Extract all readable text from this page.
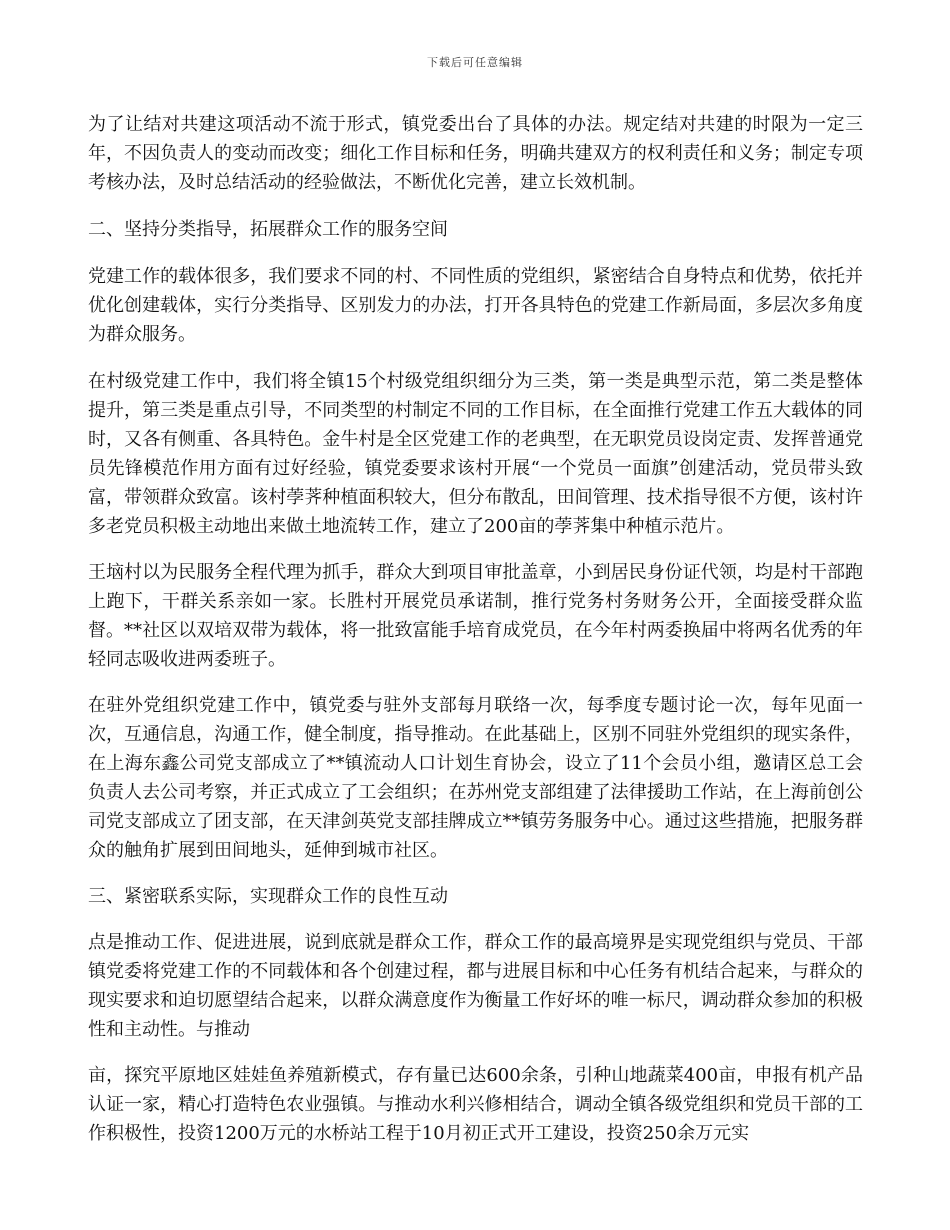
下载后可任意编辑

为了让结对共建这项活动不流于形式，镇党委出台了具体的办法。规定结对共建的时限为一定三年，不因负责人的变动而改变；细化工作目标和任务，明确共建双方的权利责任和义务；制定专项考核办法，及时总结活动的经验做法，不断优化完善，建立长效机制。

二、坚持分类指导，拓展群众工作的服务空间

党建工作的载体很多，我们要求不同的村、不同性质的党组织，紧密结合自身特点和优势，依托并优化创建载体，实行分类指导、区别发力的办法，打开各具特色的党建工作新局面，多层次多角度为群众服务。

在村级党建工作中，我们将全镇15个村级党组织细分为三类，第一类是典型示范，第二类是整体提升，第三类是重点引导，不同类型的村制定不同的工作目标，在全面推行党建工作五大载体的同时，又各有侧重、各具特色。金牛村是全区党建工作的老典型，在无职党员设岗定责、发挥普通党员先锋模范作用方面有过好经验，镇党委要求该村开展“一个党员一面旗”创建活动，党员带头致富，带领群众致富。该村荸荠种植面积较大，但分布散乱，田间管理、技术指导很不方便，该村许多老党员积极主动地出来做土地流转工作，建立了200亩的荸荠集中种植示范片。

王垴村以为民服务全程代理为抓手，群众大到项目审批盖章，小到居民身份证代领，均是村干部跑上跑下，干群关系亲如一家。长胜村开展党员承诺制，推行党务村务财务公开，全面接受群众监督。**社区以双培双带为载体，将一批致富能手培育成党员，在今年村两委换届中将两名优秀的年轻同志吸收进两委班子。

在驻外党组织党建工作中，镇党委与驻外支部每月联络一次，每季度专题讨论一次，每年见面一次，互通信息，沟通工作，健全制度，指导推动。在此基础上，区别不同驻外党组织的现实条件，在上海东鑫公司党支部成立了**镇流动人口计划生育协会，设立了11个会员小组，邀请区总工会负责人去公司考察，并正式成立了工会组织；在苏州党支部组建了法律援助工作站，在上海前创公司党支部成立了团支部，在天津剑英党支部挂牌成立**镇劳务服务中心。通过这些措施，把服务群众的触角扩展到田间地头，延伸到城市社区。

三、紧密联系实际，实现群众工作的良性互动

点是推动工作、促进进展，说到底就是群众工作，群众工作的最高境界是实现党组织与党员、干部镇党委将党建工作的不同载体和各个创建过程，都与进展目标和中心任务有机结合起来，与群众的现实要求和迫切愿望结合起来，以群众满意度作为衡量工作好坏的唯一标尺，调动群众参加的积极性和主动性。与推动

亩，探究平原地区娃娃鱼养殖新模式，存有量已达600余条，引种山地蔬菜400亩，申报有机产品认证一家，精心打造特色农业强镇。与推动水利兴修相结合，调动全镇各级党组织和党员干部的工作积极性，投资1200万元的水桥站工程于10月初正式开工建设，投资250余万元实
